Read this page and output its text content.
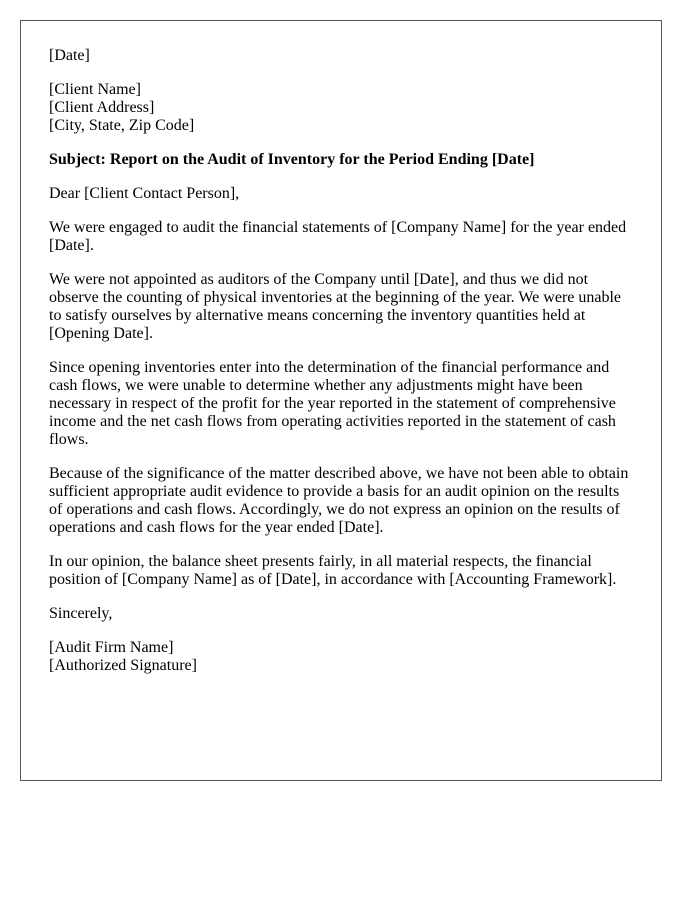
[Date]

[Client Name]
[Client Address]
[City, State, Zip Code]

Subject: Report on the Audit of Inventory for the Period Ending [Date]

Dear [Client Contact Person],

We were engaged to audit the financial statements of [Company Name] for the year ended [Date].

We were not appointed as auditors of the Company until [Date], and thus we did not observe the counting of physical inventories at the beginning of the year. We were unable to satisfy ourselves by alternative means concerning the inventory quantities held at [Opening Date].

Since opening inventories enter into the determination of the financial performance and cash flows, we were unable to determine whether any adjustments might have been necessary in respect of the profit for the year reported in the statement of comprehensive income and the net cash flows from operating activities reported in the statement of cash flows.

Because of the significance of the matter described above, we have not been able to obtain sufficient appropriate audit evidence to provide a basis for an audit opinion on the results of operations and cash flows. Accordingly, we do not express an opinion on the results of operations and cash flows for the year ended [Date].

In our opinion, the balance sheet presents fairly, in all material respects, the financial position of [Company Name] as of [Date], in accordance with [Accounting Framework].

Sincerely,

[Audit Firm Name]
[Authorized Signature]
